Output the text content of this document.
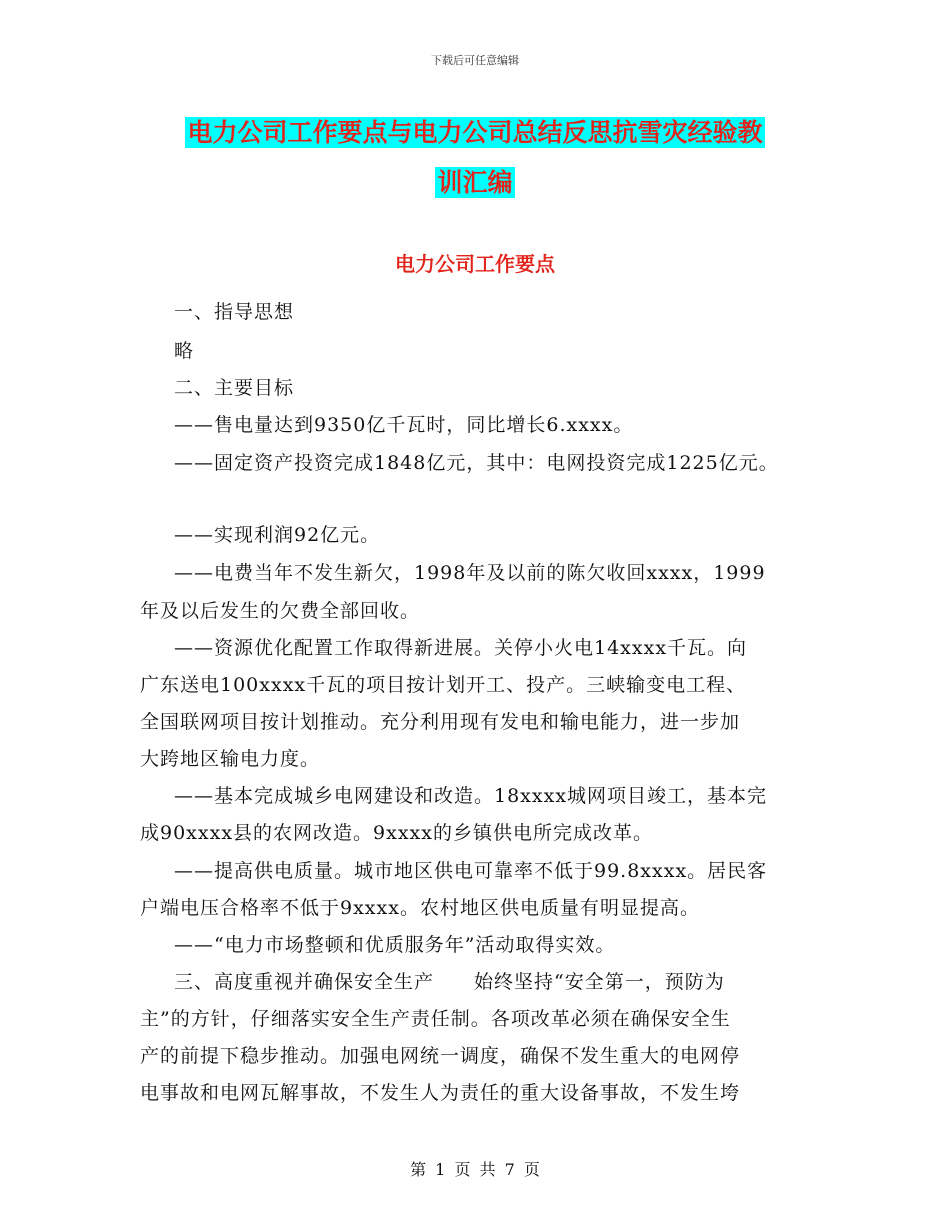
下载后可任意编辑
电力公司工作要点与电力公司总结反思抗雪灾经验教
训汇编
电力公司工作要点
一、指导思想
略
二、主要目标
——售电量达到9350亿千瓦时，同比增长6.xxxx。
——固定资产投资完成1848亿元，其中：电网投资完成1225亿元。
——实现利润92亿元。
——电费当年不发生新欠，1998年及以前的陈欠收回xxxx，1999
年及以后发生的欠费全部回收。
——资源优化配置工作取得新进展。关停小火电14xxxx千瓦。向
广东送电100xxxx千瓦的项目按计划开工、投产。三峡输变电工程、
全国联网项目按计划推动。充分利用现有发电和输电能力，进一步加
大跨地区输电力度。
——基本完成城乡电网建设和改造。18xxxx城网项目竣工，基本完
成90xxxx县的农网改造。9xxxx的乡镇供电所完成改革。
——提高供电质量。城市地区供电可靠率不低于99.8xxxx。居民客
户端电压合格率不低于9xxxx。农村地区供电质量有明显提高。
——“电力市场整顿和优质服务年”活动取得实效。
三、高度重视并确保安全生产　　始终坚持“安全第一，预防为
主”的方针，仔细落实安全生产责任制。各项改革必须在确保安全生
产的前提下稳步推动。加强电网统一调度，确保不发生重大的电网停
电事故和电网瓦解事故，不发生人为责任的重大设备事故，不发生垮
第 1 页 共 7 页
